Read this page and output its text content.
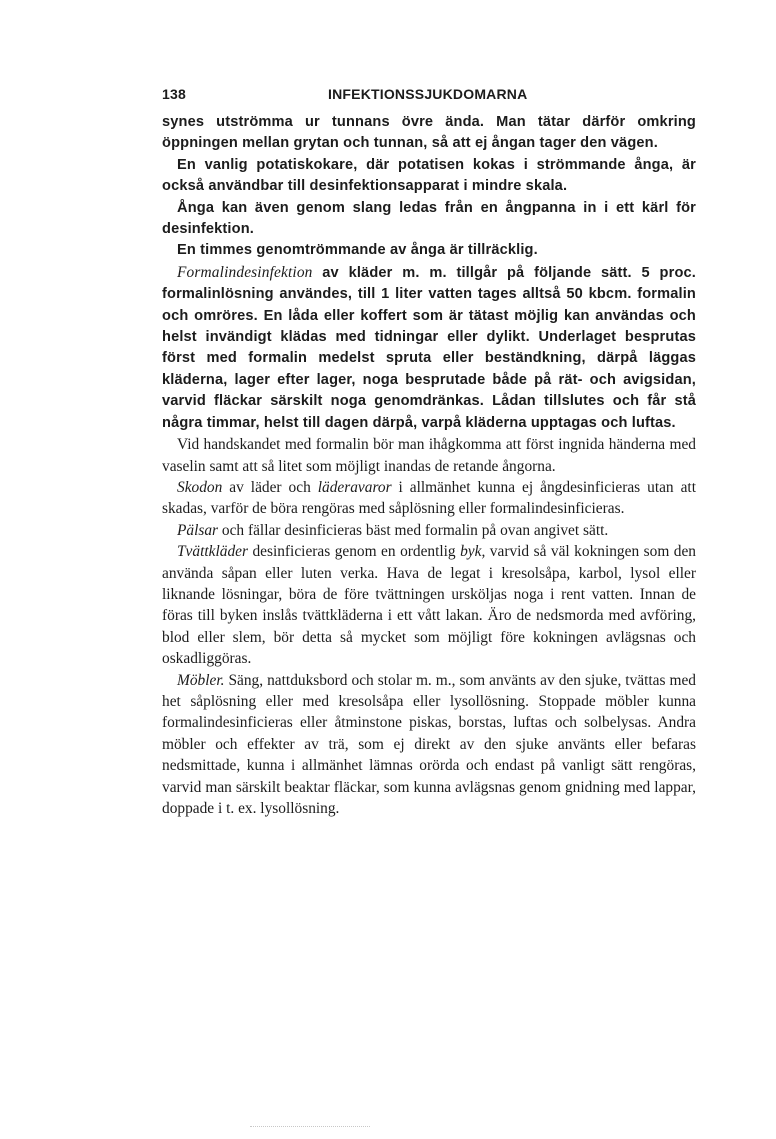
138	INFEKTIONSSJUKDOMARNA

synes utströmma ur tunnans övre ända. Man tätar därför omkring öppningen mellan grytan och tunnan, så att ej ångan tager den vägen.

En vanlig potatiskokare, där potatisen kokas i strömmande ånga, är också användbar till desinfektionsapparat i mindre skala.

Ånga kan även genom slang ledas från en ångpanna in i ett kärl för desinfektion.

En timmes genomtrömmande av ånga är tillräcklig.

Formalindesinfektion av kläder m. m. tillgår på följande sätt. 5 proc. formalinlösning användes, till 1 liter vatten tages alltså 50 kbcm. formalin och omröres. En låda eller koffert som är tätast möjlig kan användas och helst invändigt klädas med tidningar eller dylikt. Underlaget besprutas först med formalin medelst spruta eller beständkning, därpå läggas kläderna, lager efter lager, noga besprutade både på rät- och avigsidan, varvid fläckar särskilt noga genomdränkas. Lådan tillslutes och får stå några timmar, helst till dagen därpå, varpå kläderna upptagas och luftas.

Vid handskandet med formalin bör man ihågkomma att först ingnida händerna med vaselin samt att så litet som möjligt inandas de retande ångorna.

Skodon av läder och läderavaror i allmänhet kunna ej ångdesinficieras utan att skadas, varför de böra rengöras med såplösning eller formalindesinficieras.

Pälsar och fällar desinficieras bäst med formalin på ovan angivet sätt.

Tvättkläder desinficieras genom en ordentlig byk, varvid så väl kokningen som den använda såpan eller luten verka. Hava de legat i kresolsåpa, karbol, lysol eller liknande lösningar, böra de före tvättningen ursköljas noga i rent vatten. Innan de föras till byken inslås tvättkläderna i ett vått lakan. Äro de nedsmorda med avföring, blod eller slem, bör detta så mycket som möjligt före kokningen avlägsnas och oskadliggöras.

Möbler. Säng, nattduksbord och stolar m. m., som använts av den sjuke, tvättas med het såplösning eller med kresolsåpa eller lysollösning. Stoppade möbler kunna formalindesinficieras eller åtminstone piskas, borstas, luftas och solbelysas. Andra möbler och effekter av trä, som ej direkt av den sjuke använts eller befaras nedsmittade, kunna i allmänhet lämnas orörda och endast på vanligt sätt rengöras, varvid man särskilt beaktar fläckar, som kunna avlägsnas genom gnidning med lappar, doppade i t. ex. lysollösning.
